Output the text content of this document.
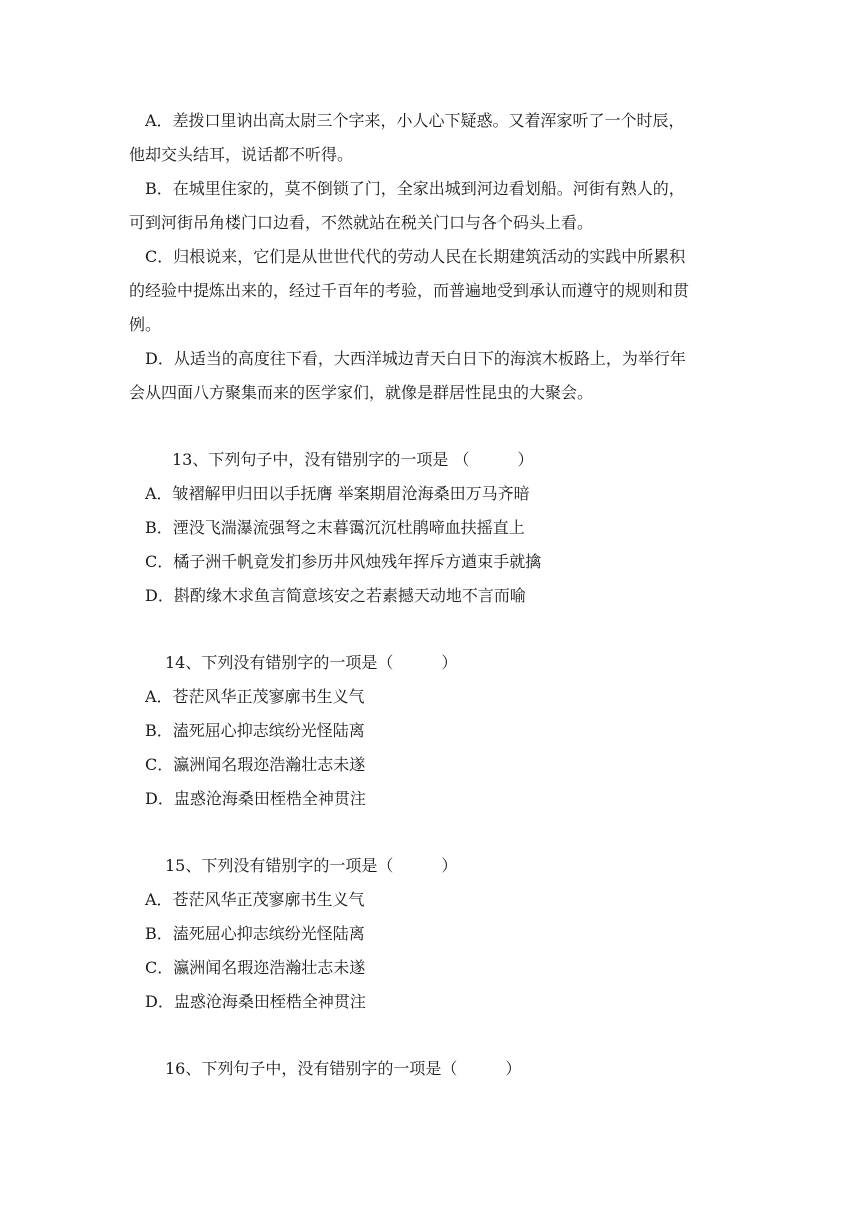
A．差拨口里讷出高太尉三个字来，小人心下疑惑。又着浑家听了一个时辰，
他却交头结耳，说话都不听得。
B．在城里住家的，莫不倒锁了门，全家出城到河边看划船。河街有熟人的，
可到河街吊角楼门口边看，不然就站在税关门口与各个码头上看。
C．归根说来，它们是从世世代代的劳动人民在长期建筑活动的实践中所累积
的经验中提炼出来的，经过千百年的考验，而普遍地受到承认而遵守的规则和贯
例。
D．从适当的高度往下看，大西洋城边青天白日下的海滨木板路上，为举行年
会从四面八方聚集而来的医学家们，就像是群居性昆虫的大聚会。
13、下列句子中，没有错别字的一项是 （　　　）
A．皱褶解甲归田以手抚膺 举案期眉沧海桑田万马齐暗
B．湮没飞湍瀑流强弩之末暮霭沉沉杜鹃啼血扶摇直上
C．橘子洲千帆竟发扪参历井风烛残年挥斥方遒束手就擒
D．斟酌缘木求鱼言简意垓安之若素撼天动地不言而喻
14、下列没有错别字的一项是（　　　）
A．苍茫风华正茂寥廓书生义气
B．溘死屈心抑志缤纷光怪陆离
C．瀛洲闻名瑕迩浩瀚壮志未遂
D．盅惑沧海桑田桎梏全神贯注
15、下列没有错别字的一项是（　　　）
A．苍茫风华正茂寥廓书生义气
B．溘死屈心抑志缤纷光怪陆离
C．瀛洲闻名瑕迩浩瀚壮志未遂
D．盅惑沧海桑田桎梏全神贯注
16、下列句子中，没有错别字的一项是（　　　）
